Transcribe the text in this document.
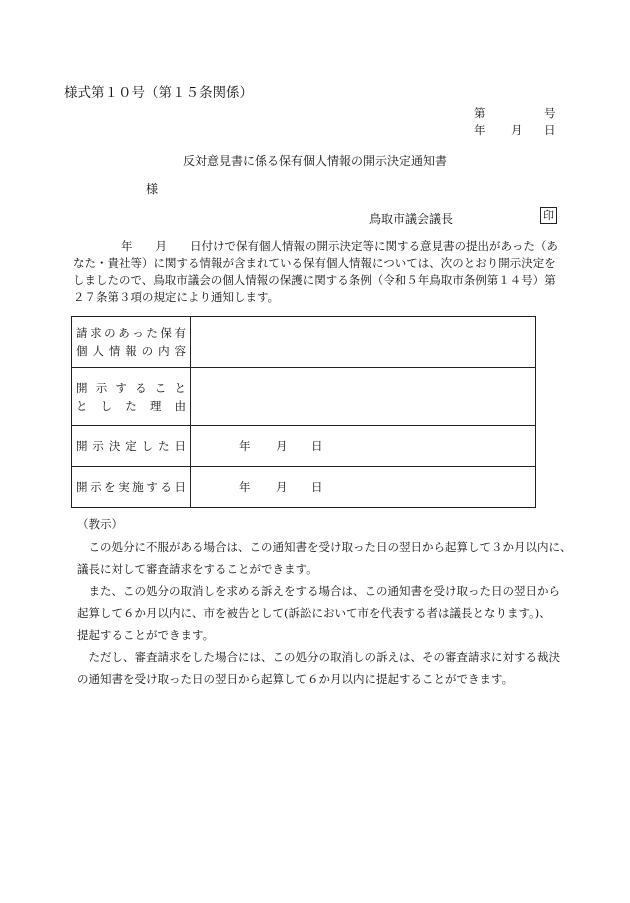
様式第１０号（第１５条関係）
第	号
年 月 日
反対意見書に係る保有個人情報の開示決定通知書
様
鳥取市議会議長	印
年　　月　　日付けで保有個人情報の開示決定等に関する意見書の提出があった（あ
なた・貴社等）に関する情報が含まれている保有個人情報については、次のとおり開示決定を
しましたので、鳥取市議会の個人情報の保護に関する条例（令和５年鳥取市条例第１４号）第
２７条第３項の規定により通知します。
請求のあった保有
個人情報の内容	

開示すること
とした理由	

開示決定した日	年 月 日

開示を実施する日	年 月 日
（教示）
　この処分に不服がある場合は、この通知書を受け取った日の翌日から起算して３か月以内に、
議長に対して審査請求をすることができます。
　また、この処分の取消しを求める訴えをする場合は、この通知書を受け取った日の翌日から
起算して６か月以内に、市を被告として(訴訟において市を代表する者は議長となります。)、
提起することができます。
　ただし、審査請求をした場合には、この処分の取消しの訴えは、その審査請求に対する裁決
の通知書を受け取った日の翌日から起算して６か月以内に提起することができます。
